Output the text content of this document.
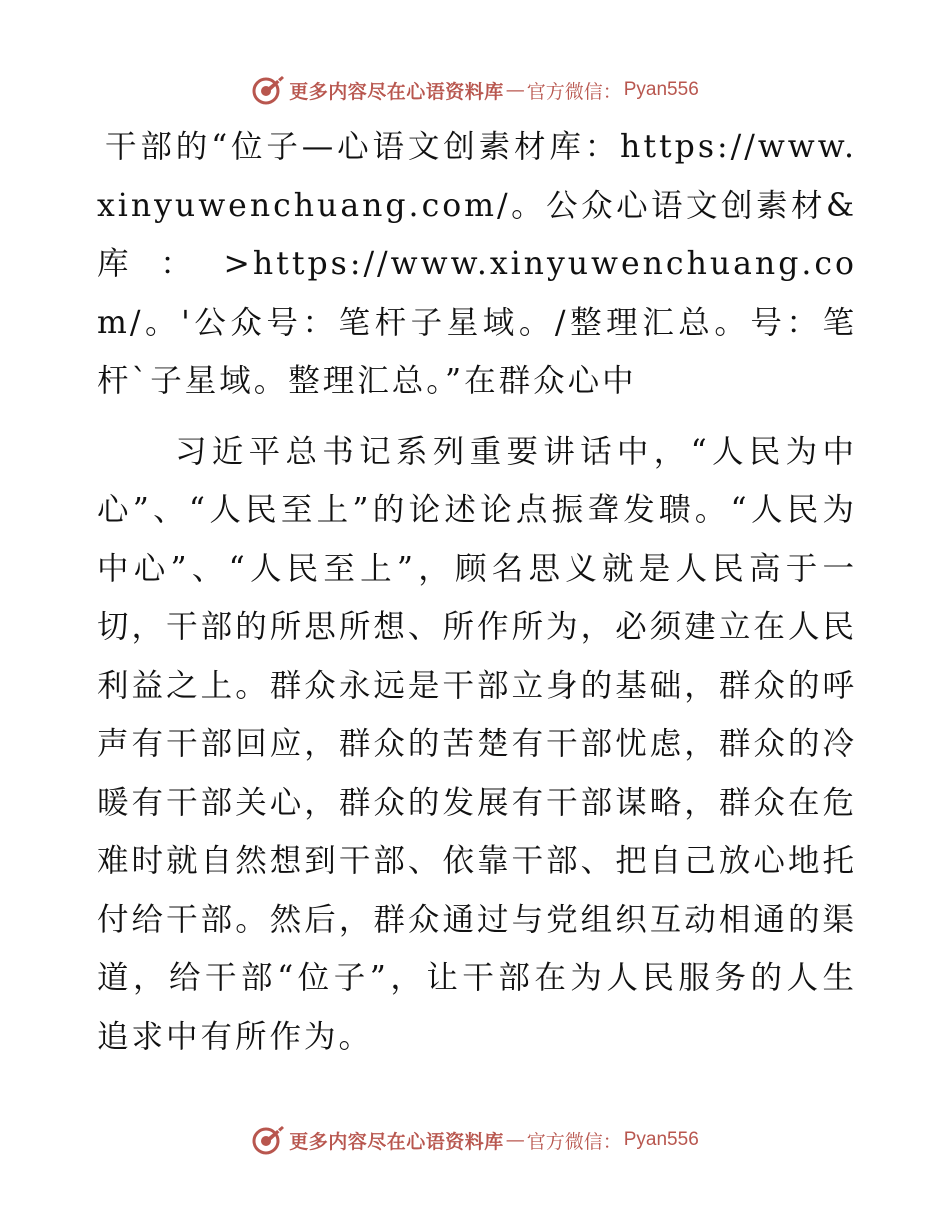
更多内容尽在心语资料库 — 官方微信： Pyan556

干部的“位子—心语文创素材库：https://www.xinyuwenchuang.com/。公众心语文创素材&库：>https://www.xinyuwenchuang.com/。'公众号：笔杆子星域。/整理汇总。号：笔杆`子星域。整理汇总。”在群众心中

习近平总书记系列重要讲话中，“人民为中心”、“人民至上”的论述论点振聋发聩。“人民为中心”、“人民至上”，顾名思义就是人民高于一切，干部的所思所想、所作所为，必须建立在人民利益之上。群众永远是干部立身的基础，群众的呼声有干部回应，群众的苦楚有干部忧虑，群众的冷暖有干部关心，群众的发展有干部谋略，群众在危难时就自然想到干部、依靠干部、把自己放心地托付给干部。然后，群众通过与党组织互动相通的渠道，给干部“位子”，让干部在为人民服务的人生追求中有所作为。

更多内容尽在心语资料库 — 官方微信： Pyan556
